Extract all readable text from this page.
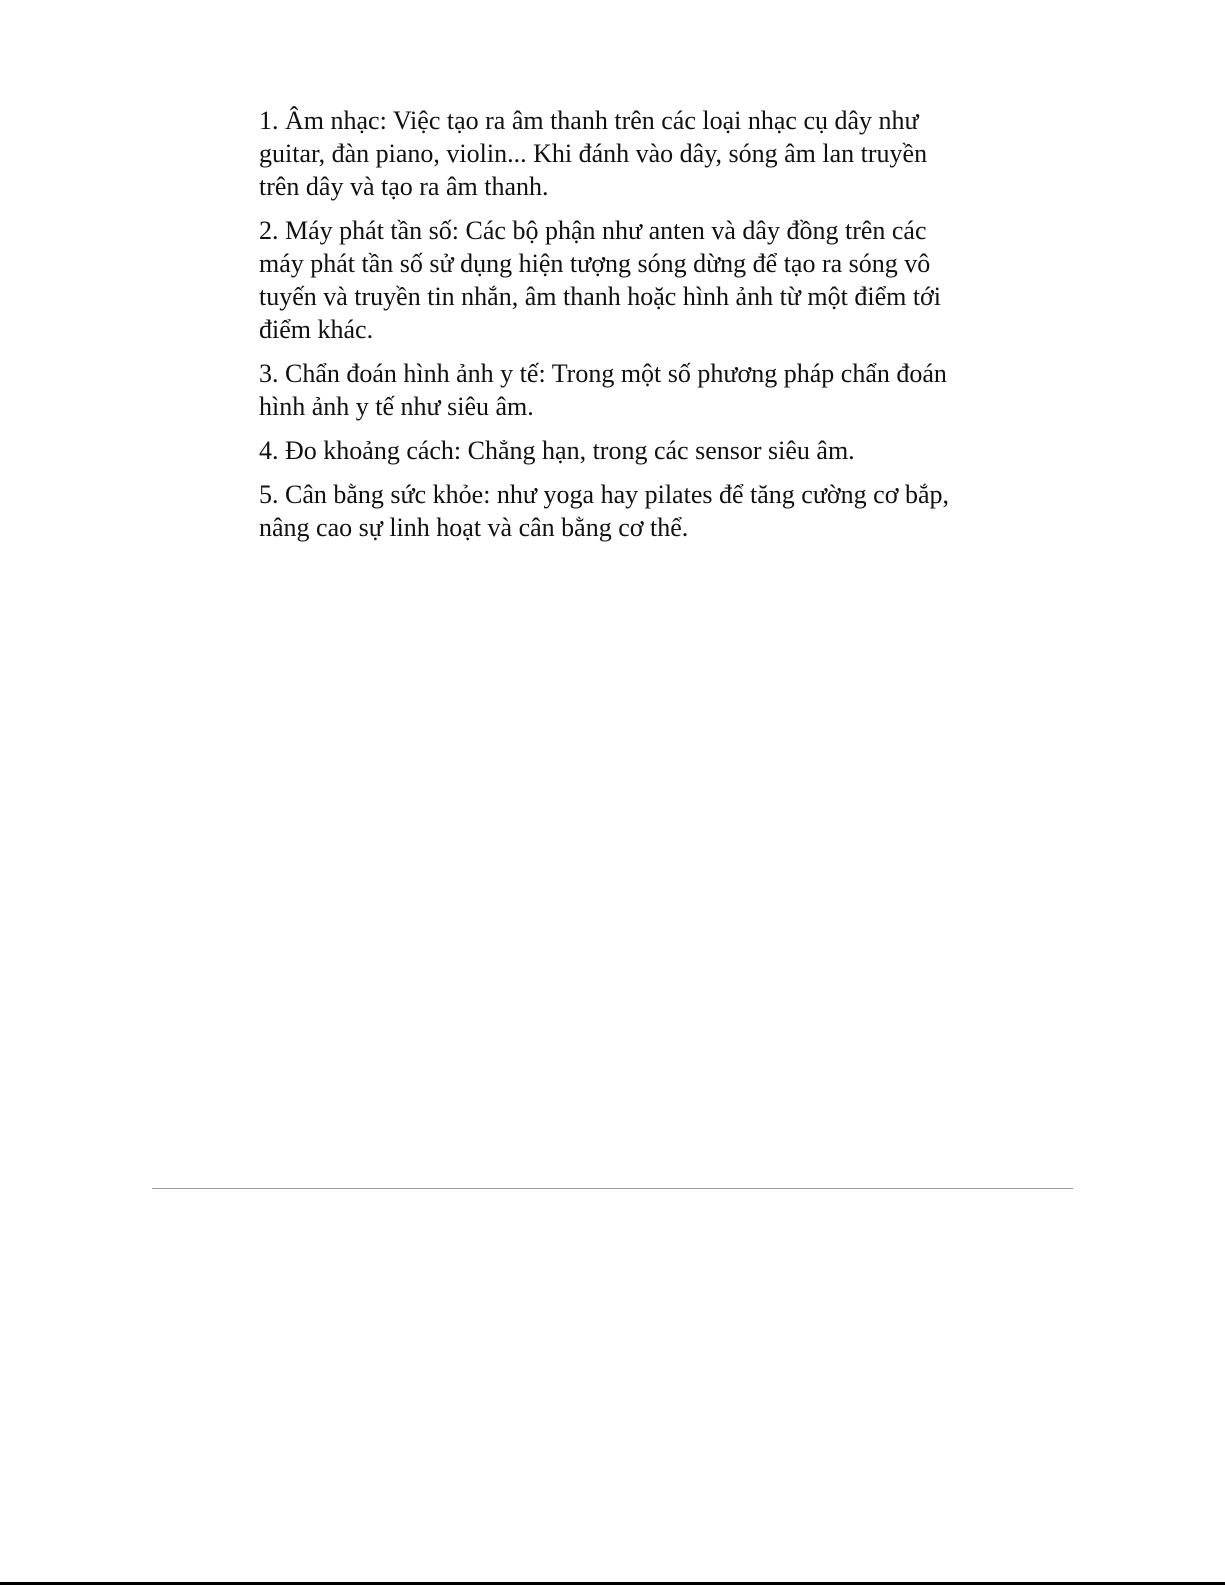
1. Âm nhạc: Việc tạo ra âm thanh trên các loại nhạc cụ dây như guitar, đàn piano, violin... Khi đánh vào dây, sóng âm lan truyền trên dây và tạo ra âm thanh.

2. Máy phát tần số: Các bộ phận như anten và dây đồng trên các máy phát tần số sử dụng hiện tượng sóng dừng để tạo ra sóng vô tuyến và truyền tin nhắn, âm thanh hoặc hình ảnh từ một điểm tới điểm khác.

3. Chẩn đoán hình ảnh y tế: Trong một số phương pháp chẩn đoán hình ảnh y tế như siêu âm.

4. Đo khoảng cách: Chẳng hạn, trong các sensor siêu âm.

5. Cân bằng sức khỏe: như yoga hay pilates để tăng cường cơ bắp, nâng cao sự linh hoạt và cân bằng cơ thể.
